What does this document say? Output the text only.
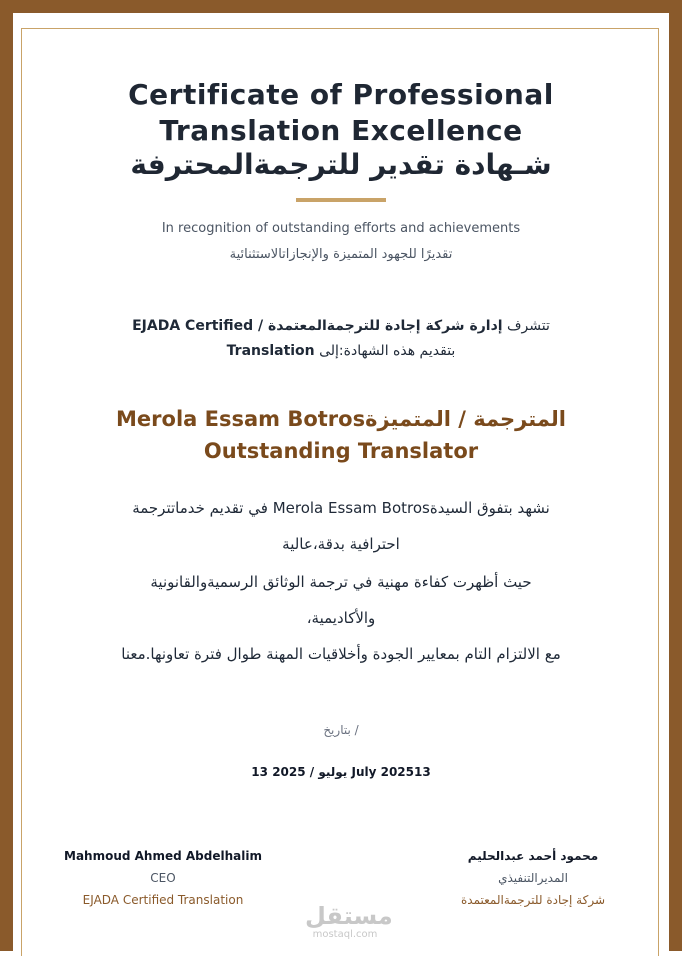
Certificate of Professional
Translation Excellence
شـهادة تقدير للترجمةالمحترفة
In recognition of outstanding efforts and achievements
تقديرًا للجهود المتميزة والإنجازاتالاستثنائية
تتشرف إدارة شركة إجادة للترجمةالمعتمدة / EJADA Certified
بتقديم هذه الشهادة:إلى Translation
المترجمة / المتميزةMerola Essam Botros
Outstanding Translator
نشهد بتفوق السيدةMerola Essam Botros في تقديم خدماتترجمة
احترافية بدقة،عالية
حيث أظهرت كفاءة مهنية في ترجمة الوثائق الرسميةوالقانونية
والأكاديمية،
مع الالتزام التام بمعايير الجودة وأخلاقيات المهنة طوال فترة تعاونها.معنا
/ بتاريخ
13 يوليو / 2025 July 202513
Mahmoud Ahmed Abdelhalim
CEO
EJADA Certified Translation
محمود أحمد عبدالحليم
المديرالتنفيذي
شركة إجادة للترجمةالمعتمدة
مستقل
mostaql.com
